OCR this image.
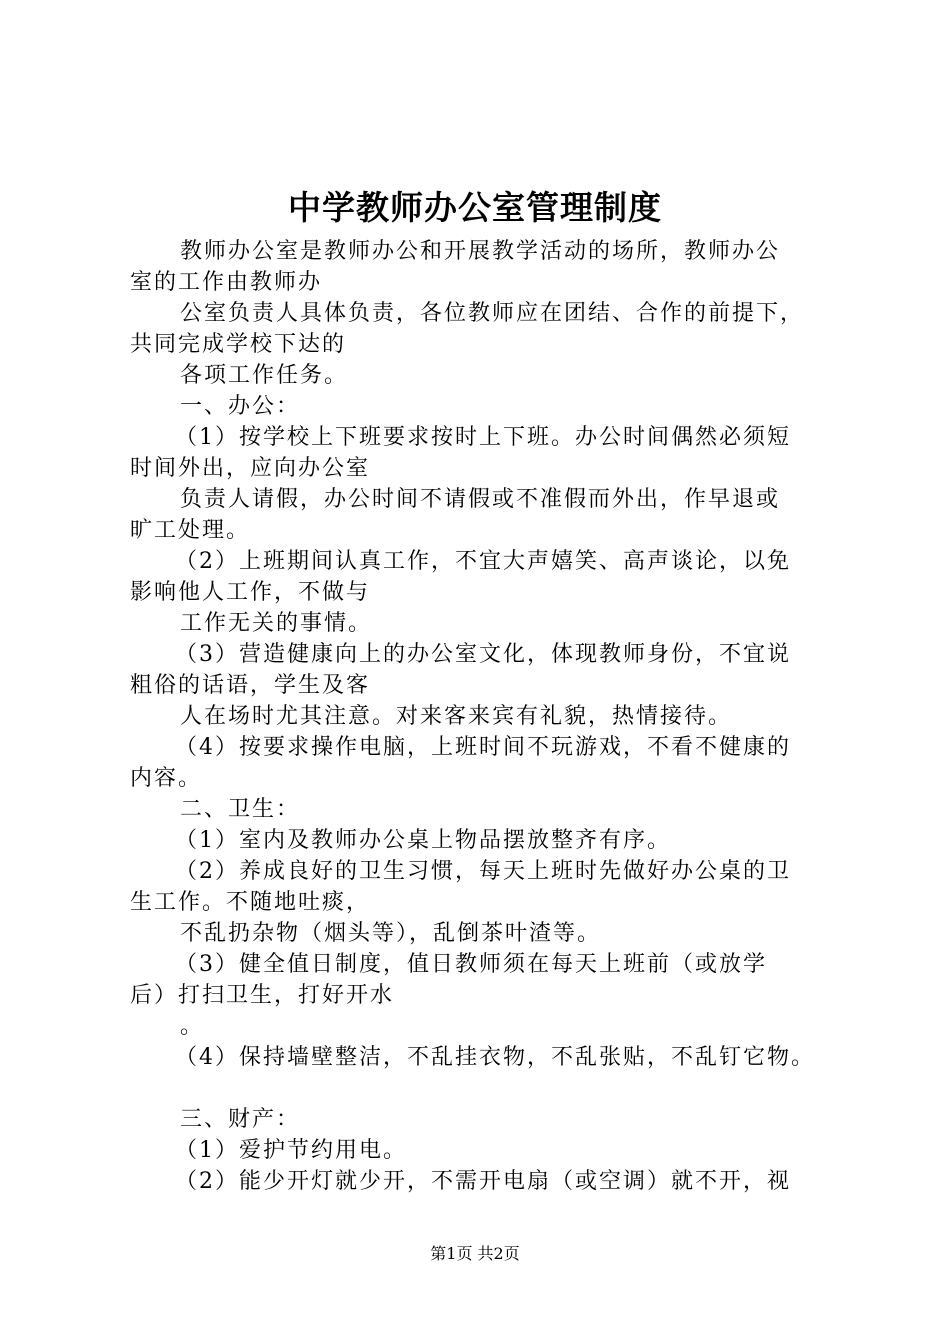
中学教师办公室管理制度
教师办公室是教师办公和开展教学活动的场所，教师办公
室的工作由教师办
公室负责人具体负责，各位教师应在团结、合作的前提下，
共同完成学校下达的
各项工作任务。
一、办公：
（1）按学校上下班要求按时上下班。办公时间偶然必须短
时间外出，应向办公室
负责人请假，办公时间不请假或不准假而外出，作早退或
旷工处理。
（2）上班期间认真工作，不宜大声嬉笑、高声谈论，以免
影响他人工作，不做与
工作无关的事情。
（3）营造健康向上的办公室文化，体现教师身份，不宜说
粗俗的话语，学生及客
人在场时尤其注意。对来客来宾有礼貌，热情接待。
（4）按要求操作电脑，上班时间不玩游戏，不看不健康的
内容。
二、卫生：
（1）室内及教师办公桌上物品摆放整齐有序。
（2）养成良好的卫生习惯，每天上班时先做好办公桌的卫
生工作。不随地吐痰，
不乱扔杂物（烟头等），乱倒茶叶渣等。
（3）健全值日制度，值日教师须在每天上班前（或放学
后）打扫卫生，打好开水
。
（4）保持墙壁整洁，不乱挂衣物，不乱张贴，不乱钉它物。
三、财产：
（1）爱护节约用电。
（2）能少开灯就少开，不需开电扇（或空调）就不开，视
第1页 共2页
